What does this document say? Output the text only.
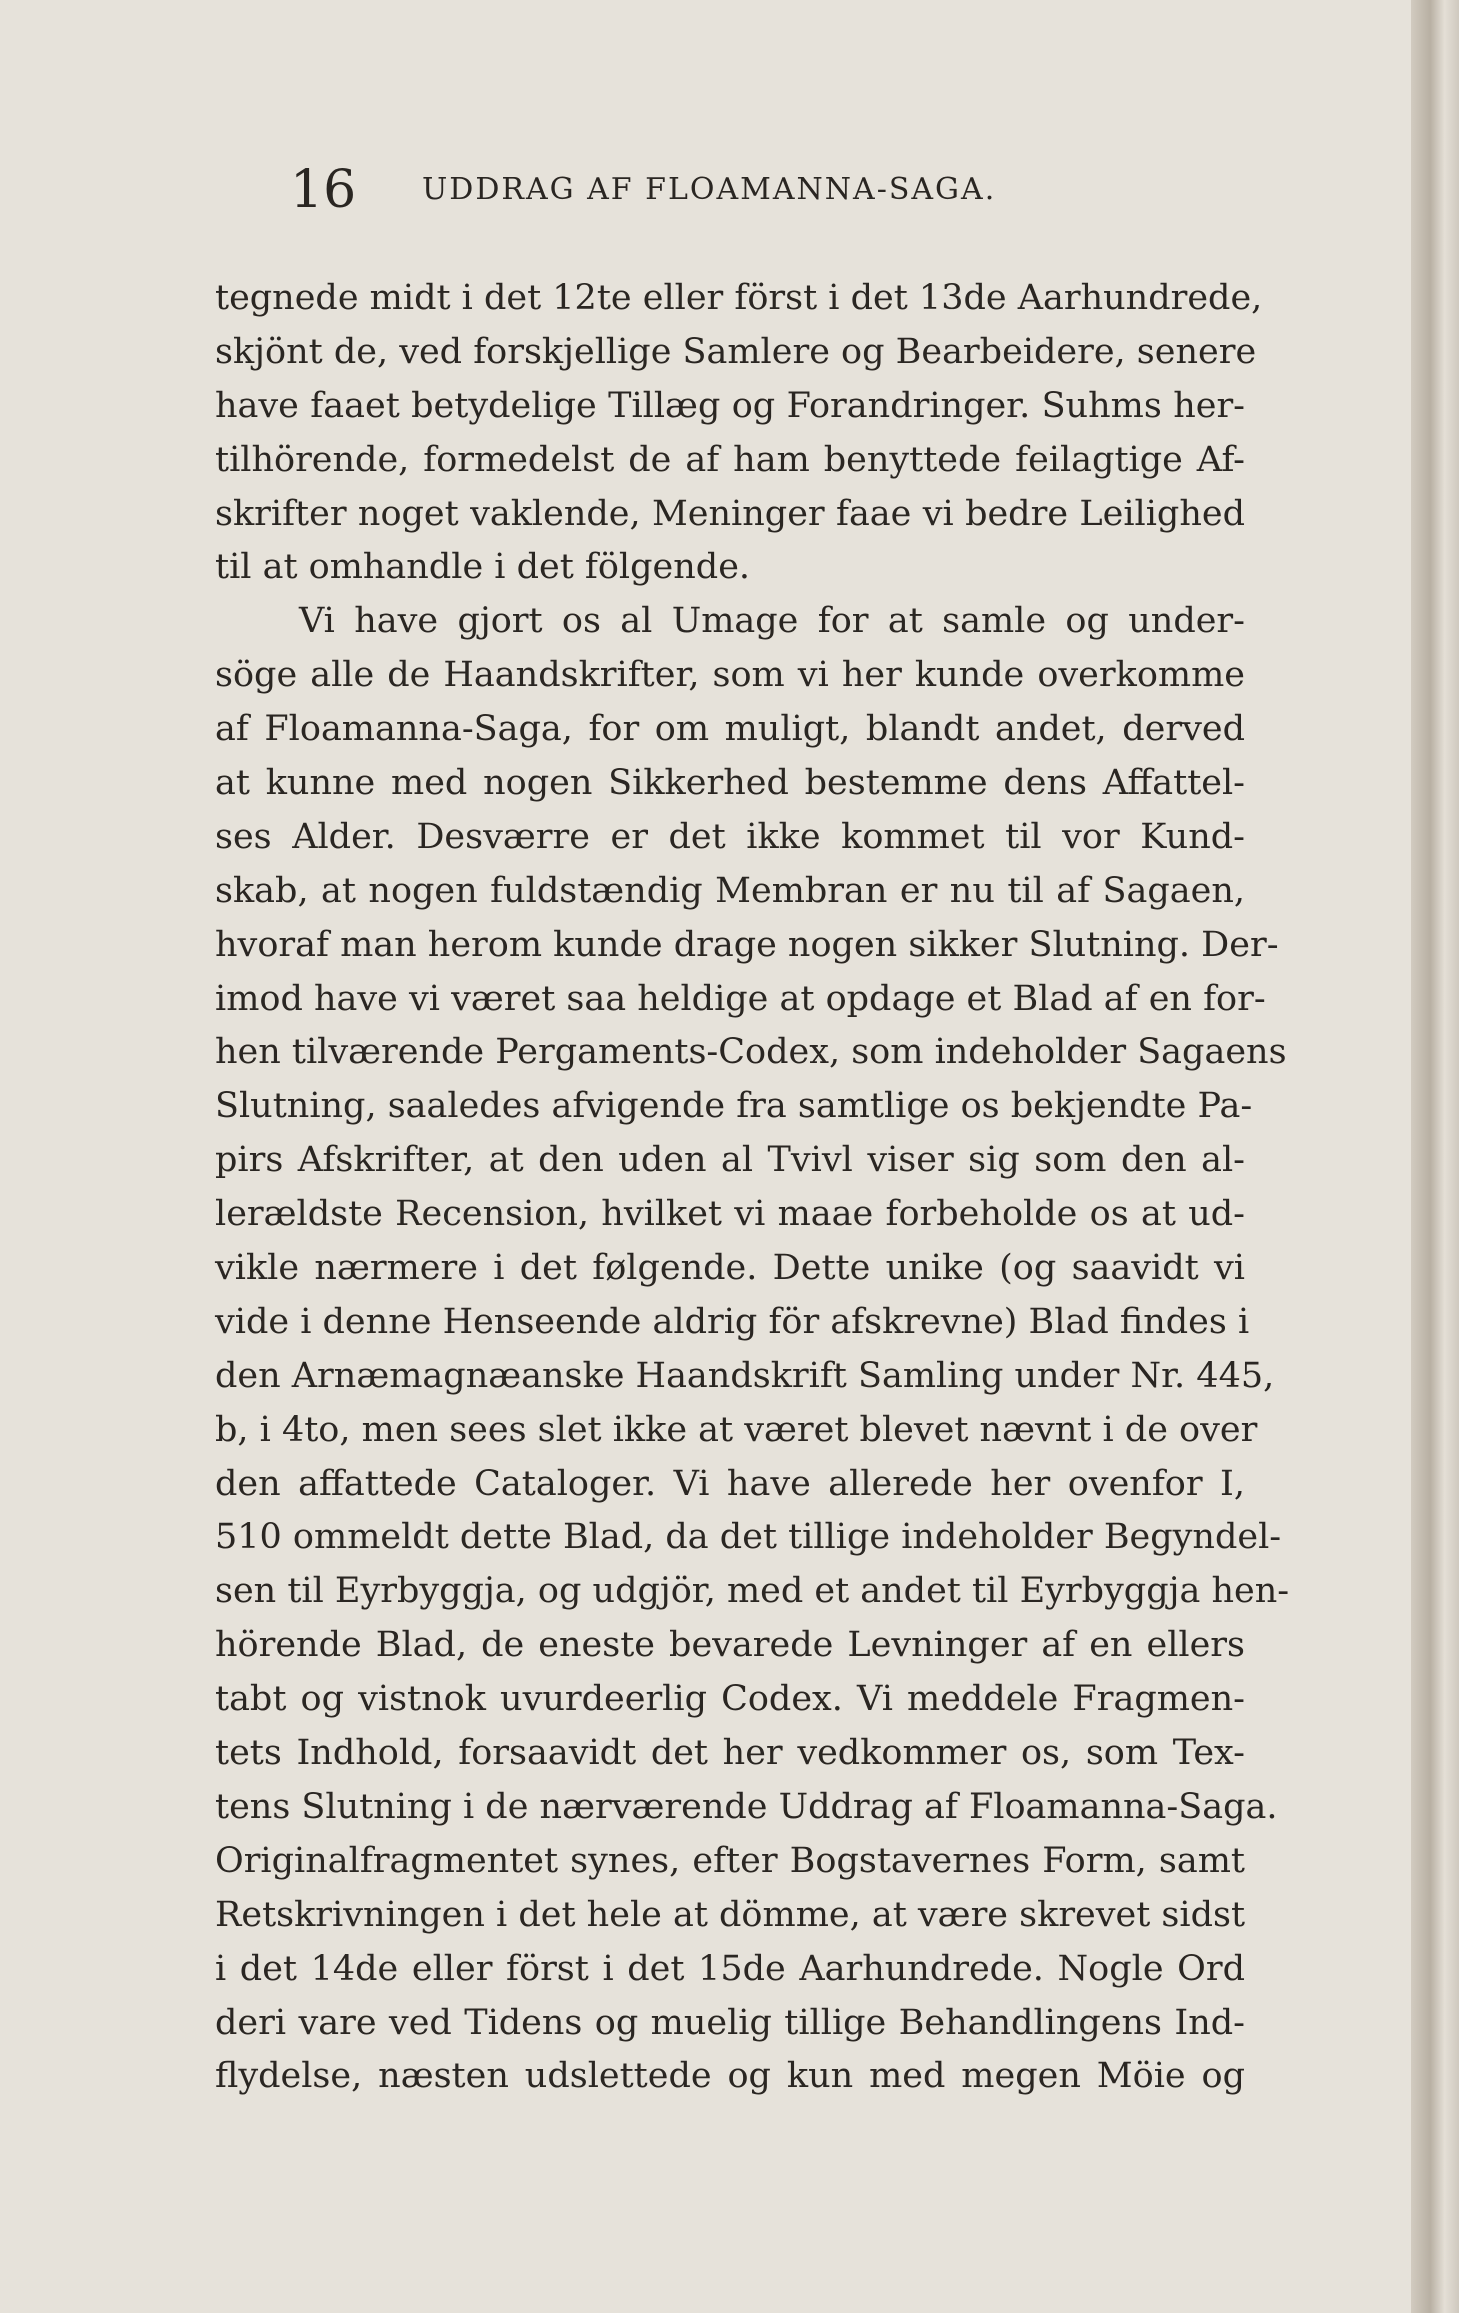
16 UDDRAG AF FLOAMANNA-SAGA.
tegnede midt i det 12te eller först i det 13de Aarhundrede,
skjönt de, ved forskjellige Samlere og Bearbeidere, senere
have faaet betydelige Tillæg og Forandringer. Suhms her-
tilhörende, formedelst de af ham benyttede feilagtige Af-
skrifter noget vaklende, Meninger faae vi bedre Leilighed
til at omhandle i det fölgende.
Vi have gjort os al Umage for at samle og under-
söge alle de Haandskrifter, som vi her kunde overkomme
af Floamanna-Saga, for om muligt, blandt andet, derved
at kunne med nogen Sikkerhed bestemme dens Affattel-
ses Alder. Desværre er det ikke kommet til vor Kund-
skab, at nogen fuldstændig Membran er nu til af Sagaen,
hvoraf man herom kunde drage nogen sikker Slutning. Der-
imod have vi været saa heldige at opdage et Blad af en for-
hen tilværende Pergaments-Codex, som indeholder Sagaens
Slutning, saaledes afvigende fra samtlige os bekjendte Pa-
pirs Afskrifter, at den uden al Tvivl viser sig som den al-
lerældste Recension, hvilket vi maae forbeholde os at ud-
vikle nærmere i det følgende. Dette unike (og saavidt vi
vide i denne Henseende aldrig för afskrevne) Blad findes i
den Arnæmagnæanske Haandskrift Samling under Nr. 445,
b, i 4to, men sees slet ikke at været blevet nævnt i de over
den affattede Cataloger. Vi have allerede her ovenfor I,
510 ommeldt dette Blad, da det tillige indeholder Begyndel-
sen til Eyrbyggja, og udgjör, med et andet til Eyrbyggja hen-
hörende Blad, de eneste bevarede Levninger af en ellers
tabt og vistnok uvurdeerlig Codex. Vi meddele Fragmen-
tets Indhold, forsaavidt det her vedkommer os, som Tex-
tens Slutning i de nærværende Uddrag af Floamanna-Saga.
Originalfragmentet synes, efter Bogstavernes Form, samt
Retskrivningen i det hele at dömme, at være skrevet sidst
i det 14de eller först i det 15de Aarhundrede. Nogle Ord
deri vare ved Tidens og muelig tillige Behandlingens Ind-
flydelse, næsten udslettede og kun med megen Möie og
